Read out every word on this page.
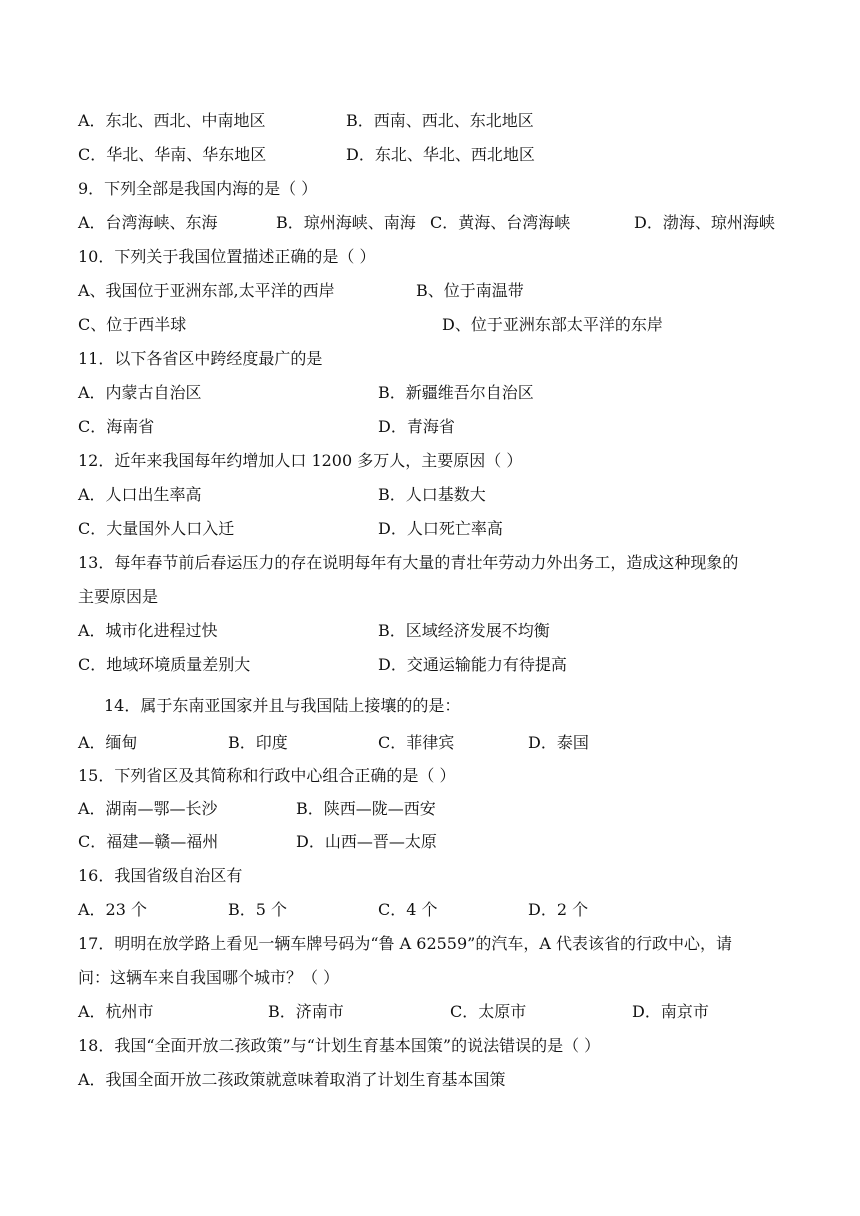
A．东北、西北、中南地区	B．西南、西北、东北地区
C．华北、华南、华东地区	D．东北、华北、西北地区
9．下列全部是我国内海的是（ ）
A．台湾海峡、东海	B．琼州海峡、南海 C．黄海、台湾海峡	D．渤海、琼州海峡
10．下列关于我国位置描述正确的是（ ）
A、我国位于亚洲东部,太平洋的西岸	B、位于南温带
C、位于西半球	D、位于亚洲东部太平洋的东岸
11．以下各省区中跨经度最广的是
A．内蒙古自治区	B．新疆维吾尔自治区
C．海南省	D．青海省
12．近年来我国每年约增加人口 1200 多万人，主要原因（ ）
A．人口出生率高	B．人口基数大
C．大量国外人口入迁	D．人口死亡率高
13．每年春节前后春运压力的存在说明每年有大量的青壮年劳动力外出务工，造成这种现象的
主要原因是
A．城市化进程过快	B．区域经济发展不均衡
C．地域环境质量差别大	D．交通运输能力有待提高
14．属于东南亚国家并且与我国陆上接壤的的是：
A．缅甸	B．印度	C．菲律宾	D．泰国
15．下列省区及其简称和行政中心组合正确的是（ ）
A．湖南—鄂—长沙	B．陕西—陇—西安
C．福建—赣—福州	D．山西—晋—太原
16．我国省级自治区有
A．23 个	B．5 个	C．4 个	D．2 个
17．明明在放学路上看见一辆车牌号码为“鲁 A 62559”的汽车，A 代表该省的行政中心，请
问：这辆车来自我国哪个城市？（ ）
A．杭州市	B．济南市	C．太原市	D．南京市
18．我国“全面开放二孩政策”与“计划生育基本国策”的说法错误的是（ ）
A．我国全面开放二孩政策就意味着取消了计划生育基本国策
